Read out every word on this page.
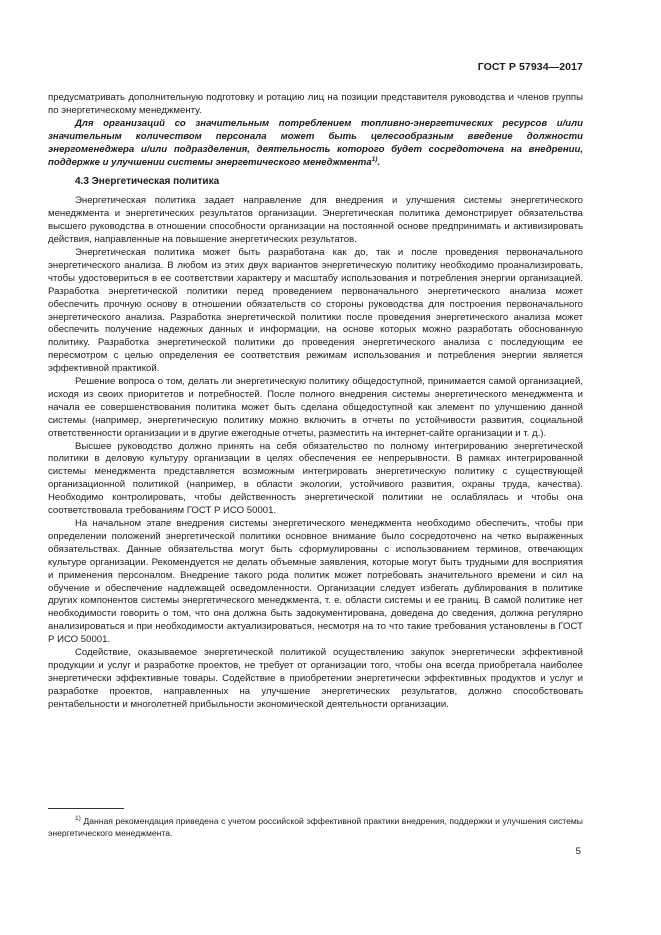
ГОСТ Р 57934—2017

предусматривать дополнительную подготовку и ротацию лиц на позиции представителя руководства и членов группы по энергетическому менеджменту.

Для организаций со значительным потреблением топливно-энергетических ресурсов и/или значительным количеством персонала может быть целесообразным введение должности энергоменеджера и/или подразделения, деятельность которого будет сосредоточена на внедрении, поддержке и улучшении системы энергетического менеджмента$^{1)}$.

4.3 Энергетическая политика

Энергетическая политика задает направление для внедрения и улучшения системы энергетического менеджмента и энергетических результатов организации. Энергетическая политика демонстрирует обязательства высшего руководства в отношении способности организации на постоянной основе предпринимать и активизировать действия, направленные на повышение энергетических результатов.

Энергетическая политика может быть разработана как до, так и после проведения первоначального энергетического анализа. В любом из этих двух вариантов энергетическую политику необходимо проанализировать, чтобы удостовериться в ее соответствии характеру и масштабу использования и потребления энергии организацией. Разработка энергетической политики перед проведением первоначального энергетического анализа может обеспечить прочную основу в отношении обязательств со стороны руководства для построения первоначального энергетического анализа. Разработка энергетической политики после проведения энергетического анализа может обеспечить получение надежных данных и информации, на основе которых можно разработать обоснованную политику. Разработка энергетической политики до проведения энергетического анализа с последующим ее пересмотром с целью определения ее соответствия режимам использования и потребления энергии является эффективной практикой.

Решение вопроса о том, делать ли энергетическую политику общедоступной, принимается самой организацией, исходя из своих приоритетов и потребностей. После полного внедрения системы энергетического менеджмента и начала ее совершенствования политика может быть сделана общедоступной как элемент по улучшению данной системы (например, энергетическую политику можно включить в отчеты по устойчивости развития, социальной ответственности организации и в другие ежегодные отчеты, разместить на интернет-сайте организации и т. д.).

Высшее руководство должно принять на себя обязательство по полному интегрированию энергетической политики в деловую культуру организации в целях обеспечения ее непрерывности. В рамках интегрированной системы менеджмента представляется возможным интегрировать энергетическую политику с существующей организационной политикой (например, в области экологии, устойчивого развития, охраны труда, качества). Необходимо контролировать, чтобы действенность энергетической политики не ослаблялась и чтобы она соответствовала требованиям ГОСТ Р ИСО 50001.

На начальном этапе внедрения системы энергетического менеджмента необходимо обеспечить, чтобы при определении положений энергетической политики основное внимание было сосредоточено на четко выраженных обязательствах. Данные обязательства могут быть сформулированы с использованием терминов, отвечающих культуре организации. Рекомендуется не делать объемные заявления, которые могут быть трудными для восприятия и применения персоналом. Внедрение такого рода политик может потребовать значительного времени и сил на обучение и обеспечение надлежащей осведомленности. Организации следует избегать дублирования в политике других компонентов системы энергетического менеджмента, т. е. области системы и ее границ. В самой политике нет необходимости говорить о том, что она должна быть задокументирована, доведена до сведения, должна регулярно анализироваться и при необходимости актуализироваться, несмотря на то что такие требования установлены в ГОСТ Р ИСО 50001.

Содействие, оказываемое энергетической политикой осуществлению закупок энергетически эффективной продукции и услуг и разработке проектов, не требует от организации того, чтобы она всегда приобретала наиболее энергетически эффективные товары. Содействие в приобретении энергетически эффективных продуктов и услуг и разработке проектов, направленных на улучшение энергетических результатов, должно способствовать рентабельности и многолетней прибыльности экономической деятельности организации.

$^{1)}$ Данная рекомендация приведена с учетом российской эффективной практики внедрения, поддержки и улучшения системы энергетического менеджмента.

5
